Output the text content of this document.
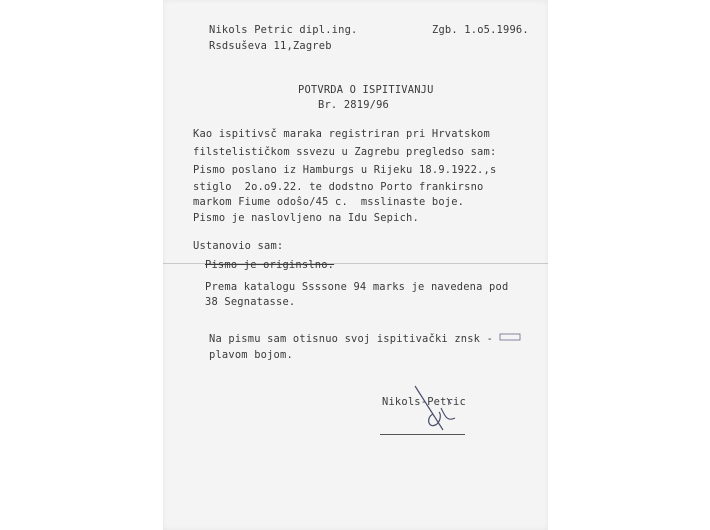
Nikols Petric dipl.ing.	Zgb. 1.o5.1996.
Rsdsuševa 11,Zagreb
POTVRDA O ISPITIVANJU
Br. 2819/96
Kao ispitivsč maraka registriran pri Hrvatskom
filstelističkom ssvezu u Zagrebu pregledso sam:
Pismo poslano iz Hamburgs u Rijeku 18.9.1922.,s
stiglo  2o.o9.22. te dodstno Porto frankirsno
markom Fiume odoŝo/45 c.  msslinaste boje.
Pismo je naslovljeno na Idu Sepich.
Ustanovio sam:
Pismo je originslno.
Prema katalogu Ssssone 94 marks je navedena pod
38 Segnatasse.
Na pismu sam otisnuo svoj ispitivački znsk -
plavom bojom.
Nikols-Petric
